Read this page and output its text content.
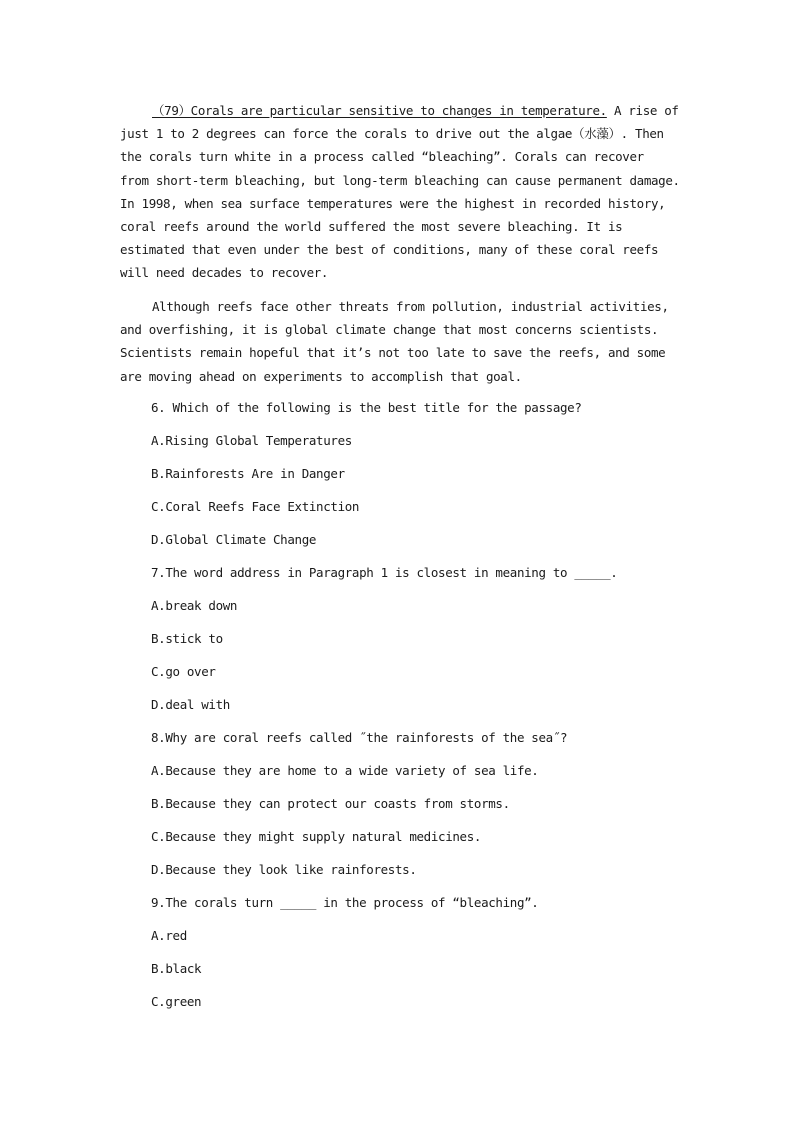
（79）Corals are particular sensitive to changes in temperature. A rise of
just 1 to 2 degrees can force the corals to drive out the algae（水藻）. Then
the corals turn white in a process called “bleaching”. Corals can recover
from short-term bleaching, but long-term bleaching can cause permanent damage.
In 1998, when sea surface temperatures were the highest in recorded history,
coral reefs around the world suffered the most severe bleaching. It is
estimated that even under the best of conditions, many of these coral reefs
will need decades to recover.
Although reefs face other threats from pollution, industrial activities,
and overfishing, it is global climate change that most concerns scientists.
Scientists remain hopeful that it’s not too late to save the reefs, and some
are moving ahead on experiments to accomplish that goal.

6. Which of the following is the best title for the passage?

A.Rising Global Temperatures

B.Rainforests Are in Danger

C.Coral Reefs Face Extinction

D.Global Climate Change

7.The word address in Paragraph 1 is closest in meaning to _____.

A.break down

B.stick to

C.go over

D.deal with

8.Why are coral reefs called ˝the rainforests of the sea˝?

A.Because they are home to a wide variety of sea life.

B.Because they can protect our coasts from storms.

C.Because they might supply natural medicines.

D.Because they look like rainforests.

9.The corals turn _____ in the process of “bleaching”.

A.red

B.black

C.green
